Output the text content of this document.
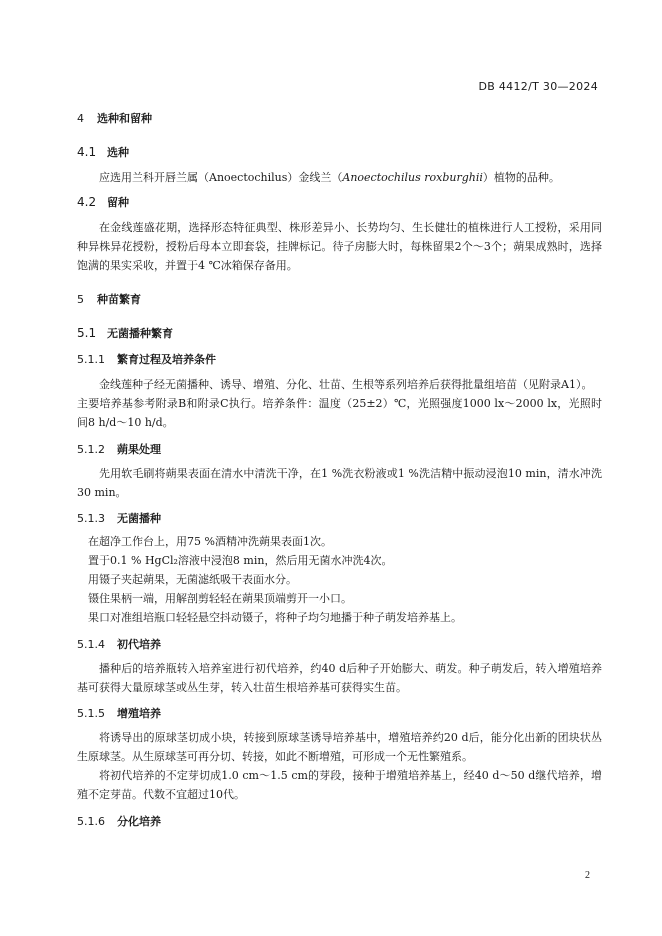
DB 4412/T 30—2024
4 选种和留种
4.1 选种
应选用兰科开唇兰属（Anoectochilus）金线兰（Anoectochilus roxburghii）植物的品种。
4.2 留种
在金线莲盛花期，选择形态特征典型、株形差异小、长势均匀、生长健壮的植株进行人工授粉，采用同种异株异花授粉，授粉后母本立即套袋，挂牌标记。待子房膨大时，每株留果2个～3个；蒴果成熟时，选择饱满的果实采收，并置于4 ℃冰箱保存备用。
5 种苗繁育
5.1 无菌播种繁育
5.1.1 繁育过程及培养条件
金线莲种子经无菌播种、诱导、增殖、分化、壮苗、生根等系列培养后获得批量组培苗（见附录A1）。
主要培养基参考附录B和附录C执行。培养条件：温度（25±2）℃，光照强度1000 lx～2000 lx，光照时间8 h/d～10 h/d。
5.1.2 蒴果处理
先用软毛刷将蒴果表面在清水中清洗干净，在1 %洗衣粉液或1 %洗洁精中振动浸泡10 min，清水冲洗30 min。
5.1.3 无菌播种
在超净工作台上，用75 %酒精冲洗蒴果表面1次。
置于0.1 % HgCl₂溶液中浸泡8 min，然后用无菌水冲洗4次。
用镊子夹起蒴果，无菌滤纸吸干表面水分。
镊住果柄一端，用解剖剪轻轻在蒴果顶端剪开一小口。
果口对准组培瓶口轻轻悬空抖动镊子，将种子均匀地播于种子萌发培养基上。
5.1.4 初代培养
播种后的培养瓶转入培养室进行初代培养，约40 d后种子开始膨大、萌发。种子萌发后，转入增殖培养基可获得大量原球茎或丛生芽，转入壮苗生根培养基可获得实生苗。
5.1.5 增殖培养
将诱导出的原球茎切成小块，转接到原球茎诱导培养基中，增殖培养约20 d后，能分化出新的团块状丛生原球茎。从生原球茎可再分切、转接，如此不断增殖，可形成一个无性繁殖系。
将初代培养的不定芽切成1.0 cm～1.5 cm的芽段，接种于增殖培养基上，经40 d～50 d继代培养，增殖不定芽苗。代数不宜超过10代。
5.1.6 分化培养
2
